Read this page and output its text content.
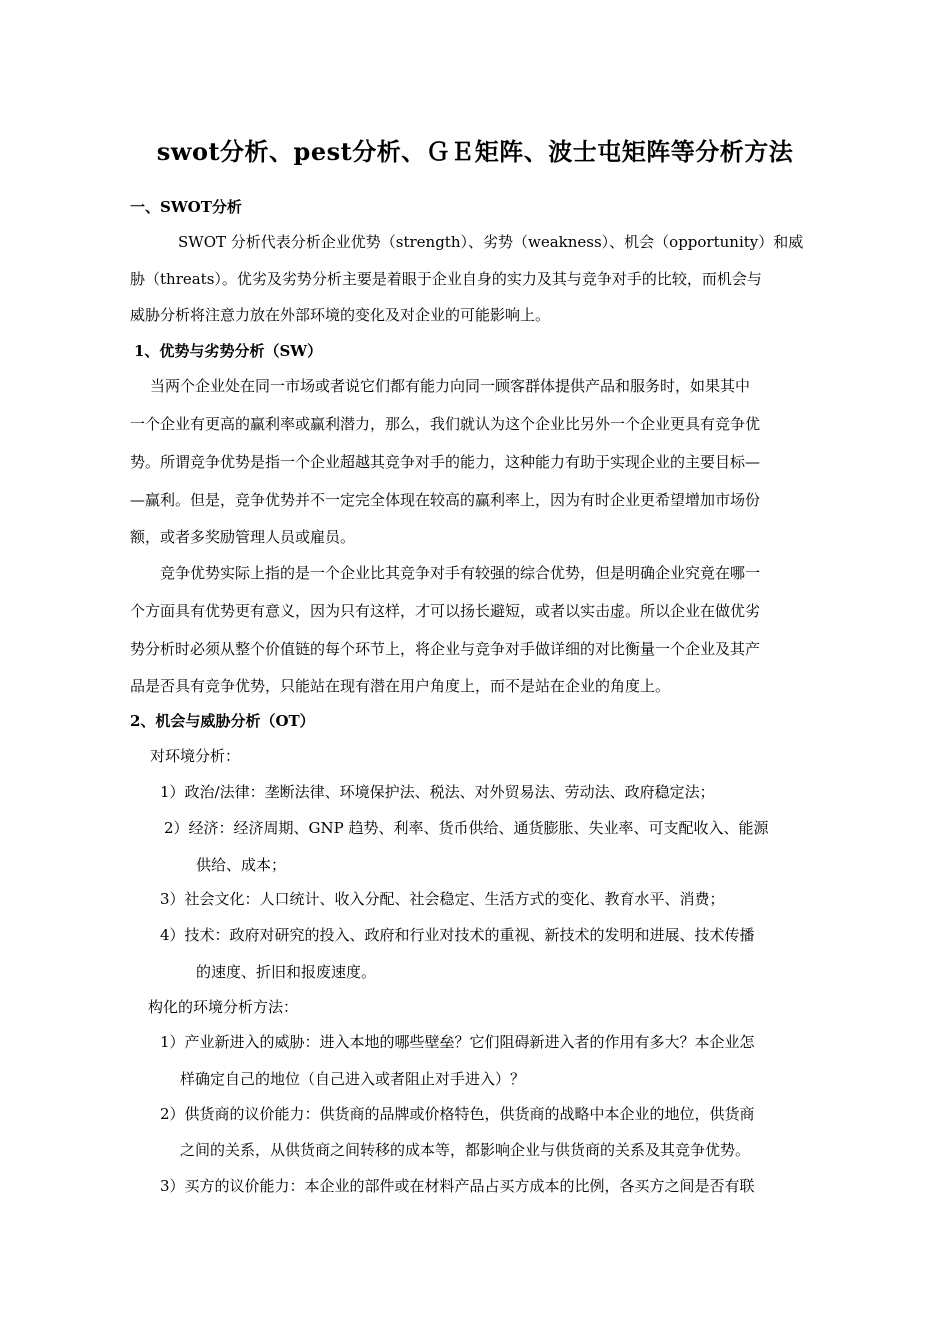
swot分析、pest分析、ＧＥ矩阵、波士屯矩阵等分析方法
一、SWOT分析
SWOT 分析代表分析企业优势（strength）、劣势（weakness）、机会（opportunity）和威
胁（threats）。优劣及劣势分析主要是着眼于企业自身的实力及其与竞争对手的比较，而机会与
威胁分析将注意力放在外部环境的变化及对企业的可能影响上。
1、优势与劣势分析（SW）
当两个企业处在同一市场或者说它们都有能力向同一顾客群体提供产品和服务时，如果其中
一个企业有更高的赢利率或赢利潜力，那么，我们就认为这个企业比另外一个企业更具有竞争优
势。所谓竞争优势是指一个企业超越其竞争对手的能力，这种能力有助于实现企业的主要目标—
—赢利。但是，竞争优势并不一定完全体现在较高的赢利率上，因为有时企业更希望增加市场份
额，或者多奖励管理人员或雇员。
竞争优势实际上指的是一个企业比其竞争对手有较强的综合优势，但是明确企业究竟在哪一
个方面具有优势更有意义，因为只有这样，才可以扬长避短，或者以实击虚。所以企业在做优劣
势分析时必须从整个价值链的每个环节上，将企业与竞争对手做详细的对比衡量一个企业及其产
品是否具有竞争优势，只能站在现有潜在用户角度上，而不是站在企业的角度上。
2、机会与威胁分析（OT）
对环境分析：
1）政治/法律：垄断法律、环境保护法、税法、对外贸易法、劳动法、政府稳定法；
2）经济：经济周期、GNP 趋势、利率、货币供给、通货膨胀、失业率、可支配收入、能源
供给、成本；
3）社会文化：人口统计、收入分配、社会稳定、生活方式的变化、教育水平、消费；
4）技术：政府对研究的投入、政府和行业对技术的重视、新技术的发明和进展、技术传播
的速度、折旧和报废速度。
构化的环境分析方法：
1）产业新进入的威胁：进入本地的哪些壁垒？它们阻碍新进入者的作用有多大？本企业怎
样确定自己的地位（自己进入或者阻止对手进入）？
2）供货商的议价能力：供货商的品牌或价格特色，供货商的战略中本企业的地位，供货商
之间的关系，从供货商之间转移的成本等，都影响企业与供货商的关系及其竞争优势。
3）买方的议价能力：本企业的部件或在材料产品占买方成本的比例，各买方之间是否有联
